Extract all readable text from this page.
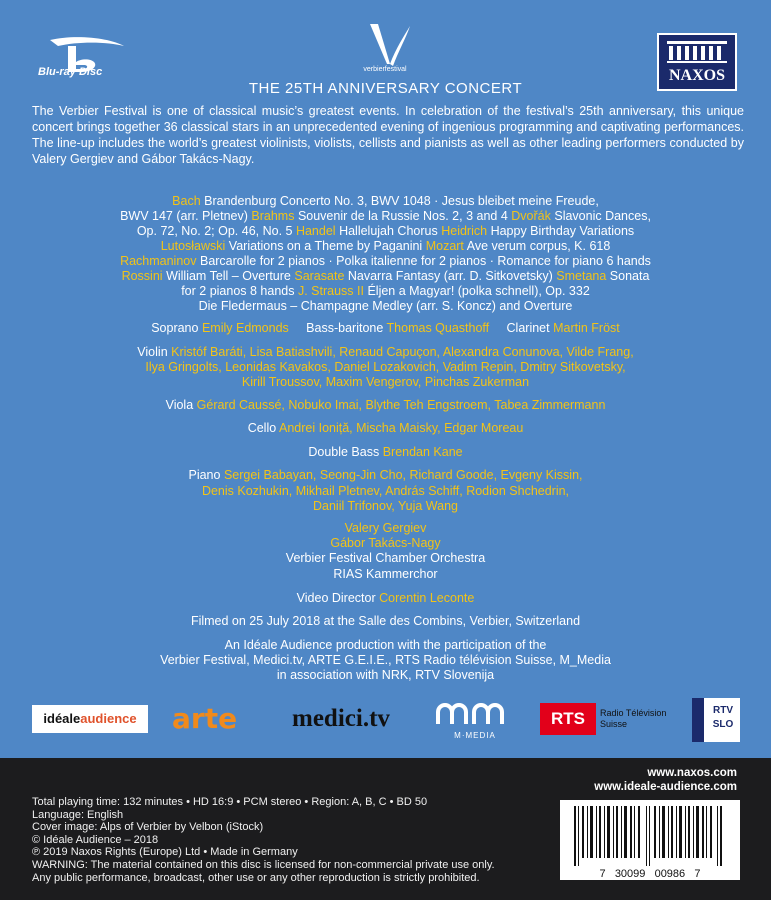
Blu-ray Disc	verbierfestival	NAXOS
THE 25TH ANNIVERSARY CONCERT
The Verbier Festival is one of classical music’s greatest events. In celebration of the festival’s 25th anniversary, this unique concert brings together 36 classical stars in an unprecedented evening of ingenious programming and captivating performances. The line-up includes the world’s greatest violinists, violists, cellists and pianists as well as other leading performers conducted by Valery Gergiev and Gábor Takács-Nagy.
Bach Brandenburg Concerto No. 3, BWV 1048 · Jesus bleibet meine Freude,
BWV 147 (arr. Pletnev) Brahms Souvenir de la Russie Nos. 2, 3 and 4 Dvořák Slavonic Dances,
Op. 72, No. 2; Op. 46, No. 5 Handel Hallelujah Chorus Heidrich Happy Birthday Variations
Lutosławski Variations on a Theme by Paganini Mozart Ave verum corpus, K. 618
Rachmaninov Barcarolle for 2 pianos · Polka italienne for 2 pianos · Romance for piano 6 hands
Rossini William Tell – Overture Sarasate Navarra Fantasy (arr. D. Sitkovetsky) Smetana Sonata
for 2 pianos 8 hands J. Strauss II Éljen a Magyar! (polka schnell), Op. 332
Die Fledermaus – Champagne Medley (arr. S. Koncz) and Overture
Soprano Emily Edmonds Bass-baritone Thomas Quasthoff Clarinet Martin Fröst
Violin Kristóf Baráti, Lisa Batiashvili, Renaud Capuçon, Alexandra Conunova, Vilde Frang,
Ilya Gringolts, Leonidas Kavakos, Daniel Lozakovich, Vadim Repin, Dmitry Sitkovetsky,
Kirill Troussov, Maxim Vengerov, Pinchas Zukerman
Viola Gérard Caussé, Nobuko Imai, Blythe Teh Engstroem, Tabea Zimmermann
Cello Andrei Ioniță, Mischa Maisky, Edgar Moreau
Double Bass Brendan Kane
Piano Sergei Babayan, Seong-Jin Cho, Richard Goode, Evgeny Kissin,
Denis Kozhukin, Mikhail Pletnev, András Schiff, Rodion Shchedrin,
Daniil Trifonov, Yuja Wang
Valery Gergiev
Gábor Takács-Nagy
Verbier Festival Chamber Orchestra
RIAS Kammerchor
Video Director Corentin Leconte
Filmed on 25 July 2018 at the Salle des Combins, Verbier, Switzerland
An Idéale Audience production with the participation of the
Verbier Festival, Medici.tv, ARTE G.E.I.E., RTS Radio télévision Suisse, M_Media
in association with NRK, RTV Slovenija
idéaleaudience	arte	medici.tv
M·MEDIA
RTS	Radio Télévision
Suisse
RTV
SLO
www.naxos.com
www.ideale-audience.com
Total playing time: 132 minutes • HD 16:9 • PCM stereo • Region: A, B, C • BD 50
Language: English
Cover image: Alps of Verbier by Velbon (iStock)
© Idéale Audience – 2018
℗ 2019 Naxos Rights (Europe) Ltd • Made in Germany
WARNING: The material contained on this disc is licensed for non-commercial private use only.
Any public performance, broadcast, other use or any other reproduction is strictly prohibited.	7   30099   00986   7
